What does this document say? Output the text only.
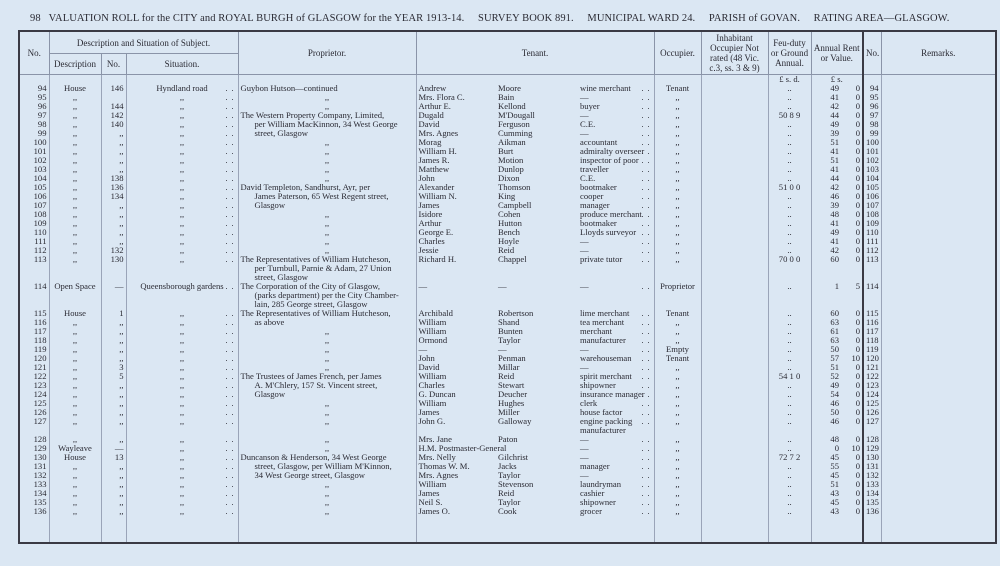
98   VALUATION ROLL for the CITY and ROYAL BURGH of GLASGOW for the YEAR 1913-14.     SURVEY BOOK 891.     MUNICIPAL WARD 24.     PARISH of GOVAN.     RATING AREA—GLASGOW.
No.	Description and Situation of Subject.			Proprietor.	Tenant.			Occupier.	Inhabitant Occupier Not rated (48 Vic. c.3, ss. 3 & 9)	Feu-duty or Ground Annual.	Annual Rent or Value.		No.	Remarks.
	Description	No.	Situation.											
										£ s. d.	£ s.			
94	House	146	Hyndland road . .	Guybon Hutson—continued	Andrew	Moore	wine merchant . .	Tenant		..	49	0	94	
95	,,		,, . .	,,	Mrs. Flora C.	Bain	— . .	,,		..	41	0	95	
96	,,	144	,, . .	,,	Arthur E.	Kellond	buyer . .	,,		..	42	0	96	
97	,,	142	,, . .	The Western Property Company, Limited,	Dugald	M'Dougall	— . .	,,		50 8 9	44	0	97	
98	,,	140	,, . .	per William MacKinnon, 34 West George	David	Ferguson	C.E. . .	,,		..	49	0	98	
99	,,	,,	,, . .	street, Glasgow	Mrs. Agnes	Cumming	— . .	,,		..	39	0	99	
100	,,	,,	,, . .	,,	Morag	Aikman	accountant . .	,,		..	51	0	100	
101	,,	,,	,, . .	,,	William H.	Burt	admiralty overseer . .	,,		..	41	0	101	
102	,,	,,	,, . .	,,	James R.	Motion	inspector of poor . .	,,		..	51	0	102	
103	,,	,,	,, . .	,,	Matthew	Dunlop	traveller . .	,,		..	41	0	103	
104	,,	138	,, . .	,,	John	Dixon	C.E. . .	,,		..	44	0	104	
105	,,	136	,, . .	David Templeton, Sandhurst, Ayr, per	Alexander	Thomson	bootmaker . .	,,		51 0 0	42	0	105	
106	,,	134	,, . .	James Paterson, 65 West Regent street,	William N.	King	cooper . .	,,		..	46	0	106	
107	,,	,,	,, . .	Glasgow	James	Campbell	manager . .	,,		..	39	0	107	
108	,,	,,	,, . .	,,	Isidore	Cohen	produce merchant . .	,,		..	48	0	108	
109	,,	,,	,, . .	,,	Arthur	Hutton	bootmaker . .	,,		..	41	0	109	
110	,,	,,	,, . .	,,	George E.	Bench	Lloyds surveyor . .	,,		..	49	0	110	
111	,,	,,	,, . .	,,	Charles	Hoyle	— . .	,,		..	41	0	111	
112	,,	132	,, . .	,,	Jessie	Reid	— . .	,,		..	42	0	112	
113	,,	130	,, . .	The Representatives of William Hutcheson,	Richard H.	Chappel	private tutor . .	,,		70 0 0	60	0	113	
				per Turnbull, Parnie & Adam, 27 Union										
				street, Glasgow										
114	Open Space	—	Queensborough gardens . .	The Corporation of the City of Glasgow,	—	—	— . .	Proprietor		..	1	5	114	
				(parks department) per the City Chamber-										
				lain, 285 George street, Glasgow										
115	House	1	,, . .	The Representatives of William Hutcheson,	Archibald	Robertson	lime merchant . .	Tenant		..	60	0	115	
116	,,	,,	,, . .	as above	William	Shand	tea merchant . .	,,		..	63	0	116	
117	,,	,,	,, . .	,,	William	Bunten	merchant . .	,,		..	61	0	117	
118	,,	,,	,, . .	,,	Ormond	Taylor	manufacturer . .	,,		..	63	0	118	
119	,,	,,	,, . .	,,	—	—	— . .	Empty		..	50	0	119	
120	,,	,,	,, . .	,,	John	Penman	warehouseman . .	Tenant		..	57	10	120	
121	,,	3	,, . .	,,	David	Millar	— . .	,,		..	51	0	121	
122	,,	5	,, . .	The Trustees of James French, per James	William	Reid	spirit merchant . .	,,		54 1 0	52	0	122	
123	,,	,,	,, . .	A. M'Chlery, 157 St. Vincent street,	Charles	Stewart	shipowner . .	,,		..	49	0	123	
124	,,	,,	,, . .	Glasgow	G. Duncan	Deucher	insurance manager . .	,,		..	54	0	124	
125	,,	,,	,, . .	,,	William	Hughes	clerk . .	,,		..	46	0	125	
126	,,	,,	,, . .	,,	James	Miller	house factor . .	,,		..	50	0	126	
127	,,	,,	,, . .	,,	John G.	Galloway	engine packing . .	,,		..	46	0	127	
							manufacturer							
128	,,	,,	,, . .	,,	Mrs. Jane	Paton	— . .	,,		..	48	0	128	
129	Wayleave	—	,, . .	,,	H.M. Postmaster-General		— . .	,,		..	0	10	129	
130	House	13	,, . .	Duncanson & Henderson, 34 West George	Mrs. Nelly	Gilchrist	— . .	,,		72 7 2	45	0	130	
131	,,	,,	,, . .	street, Glasgow, per William M'Kinnon,	Thomas W. M.	Jacks	manager . .	,,		..	55	0	131	
132	,,	,,	,, . .	34 West George street, Glasgow	Mrs. Agnes	Taylor	— . .	,,		..	45	0	132	
133	,,	,,	,, . .	,,	William	Stevenson	laundryman . .	,,		..	51	0	133	
134	,,	,,	,, . .	,,	James	Reid	cashier . .	,,		..	43	0	134	
135	,,	,,	,, . .	,,	Neil S.	Taylor	shipowner . .	,,		..	45	0	135	
136	,,	,,	,, . .	,,	James O.	Cook	grocer . .	,,		..	43	0	136	
